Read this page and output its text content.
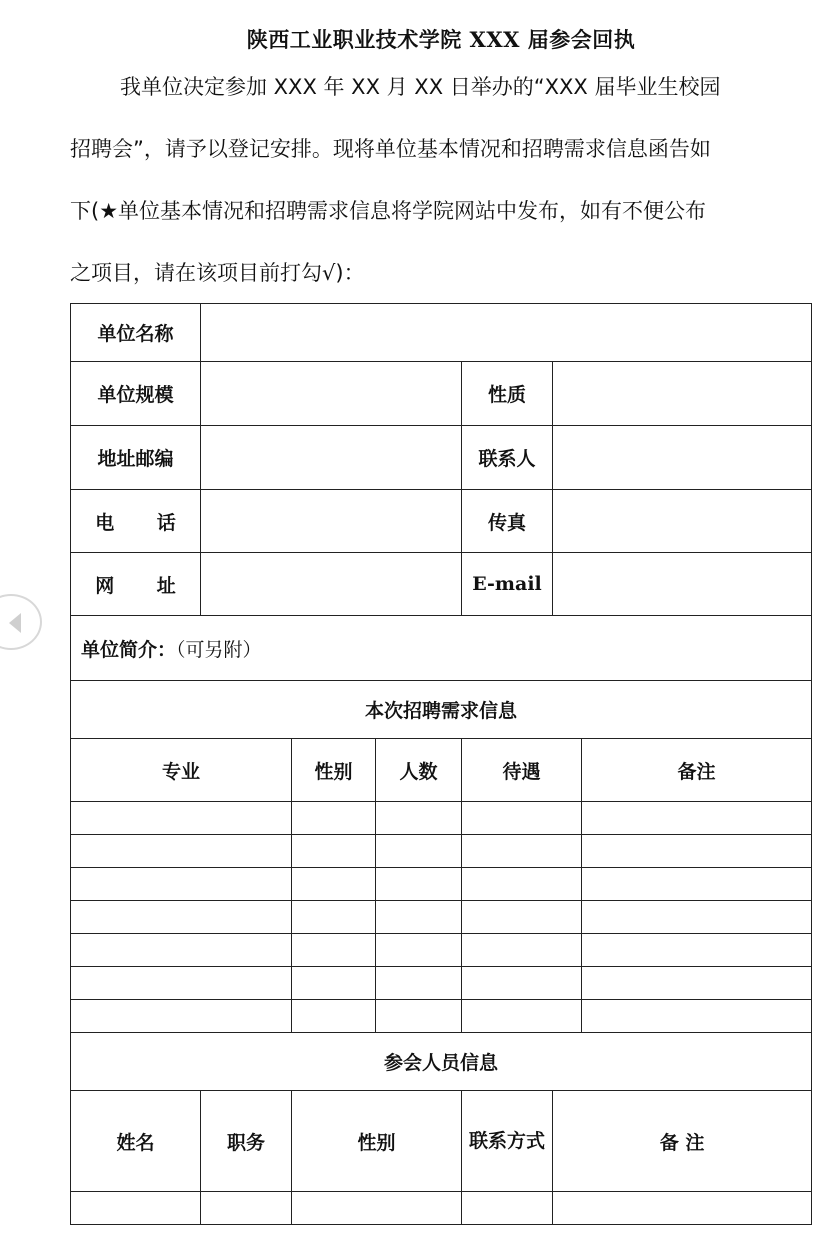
陕西工业职业技术学院 XXX 届参会回执
我单位决定参加 XXX 年 XX 月 XX 日举办的“XXX 届毕业生校园
招聘会”，请予以登记安排。现将单位基本情况和招聘需求信息函告如
下(★单位基本情况和招聘需求信息将学院网站中发布，如有不便公布
之项目，请在该项目前打勾√)：
单位名称						
单位规模				性质		
地址邮编				联系人		
电 话				传真		
网 址				E-mail		
单位简介：（可另附）						
本次招聘需求信息						
专业		性别	人数	待遇		备注

参会人员信息						
姓名	职务	性别		联系方式	备 注	
